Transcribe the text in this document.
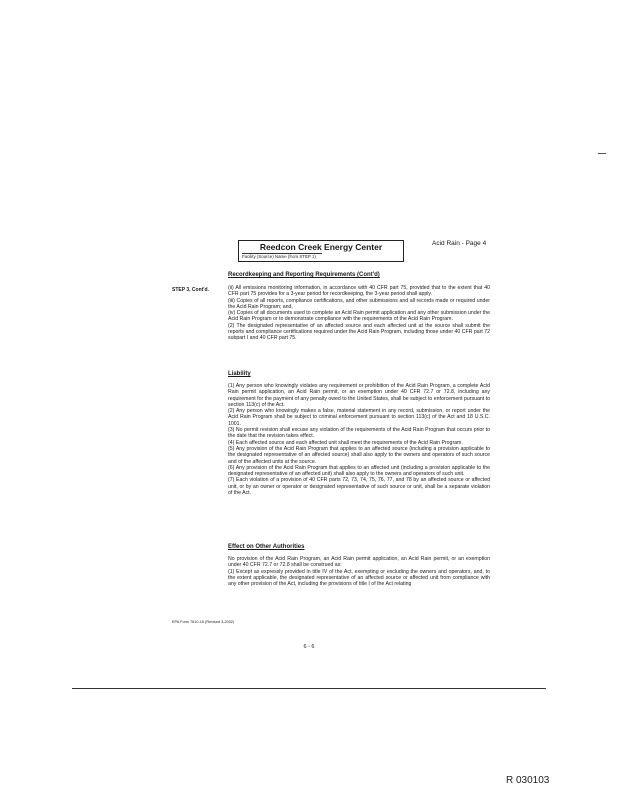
Reedcon Creek Energy Center
Facility (Source) Name (from STEP 1)
Acid Rain - Page 4
Recordkeeping and Reporting Requirements (Cont'd)
STEP 3, Cont'd.	(ii) All emissions monitoring information, in accordance with 40 CFR part 75, provided that to the extent that 40 CFR part 75 provides for a 3-year period for recordkeeping, the 3-year period shall apply.
(iii) Copies of all reports, compliance certifications, and other submissions and all records made or required under the Acid Rain Program; and,
(iv) Copies of all documents used to complete an Acid Rain permit application and any other submission under the Acid Rain Program or to demonstrate compliance with the requirements of the Acid Rain Program.
(2) The designated representative of an affected source and each affected unit at the source shall submit the reports and compliance certifications required under the Acid Rain Program, including those under 40 CFR part 72 subpart I and 40 CFR part 75.
Liability
(1) Any person who knowingly violates any requirement or prohibition of the Acid Rain Program, a complete Acid Rain permit application, an Acid Rain permit, or an exemption under 40 CFR 72.7 or 72.8, including any requirement for the payment of any penalty owed to the United States, shall be subject to enforcement pursuant to section 113(c) of the Act.
(2) Any person who knowingly makes a false, material statement in any record, submission, or report under the Acid Rain Program shall be subject to criminal enforcement pursuant to section 113(c) of the Act and 18 U.S.C. 1001.
(3) No permit revision shall excuse any violation of the requirements of the Acid Rain Program that occurs prior to the date that the revision takes effect.
(4) Each affected source and each affected unit shall meet the requirements of the Acid Rain Program.
(5) Any provision of the Acid Rain Program that applies to an affected source (including a provision applicable to the designated representative of an affected source) shall also apply to the owners and operators of such source and of the affected units at the source.
(6) Any provision of the Acid Rain Program that applies to an affected unit (including a provision applicable to the designated representative of an affected unit) shall also apply to the owners and operators of such unit.
(7) Each violation of a provision of 40 CFR parts 72, 73, 74, 75, 76, 77, and 78 by an affected source or affected unit, or by an owner or operator or designated representative of such source or unit, shall be a separate violation of the Act.
Effect on Other Authorities
No provision of the Acid Rain Program, an Acid Rain permit application, an Acid Rain permit, or an exemption under 40 CFR 72.7 or 72.8 shall be construed as:
(1) Except as expressly provided in title IV of the Act, exempting or excluding the owners and operators, and, to the extent applicable, the designated representative of an affected source or affected unit from compliance with any other provision of the Act, including the provisions of title I of the Act relating
EPA Form 7610-16 (Revised 3-2002)
6 - 6
R 030103
